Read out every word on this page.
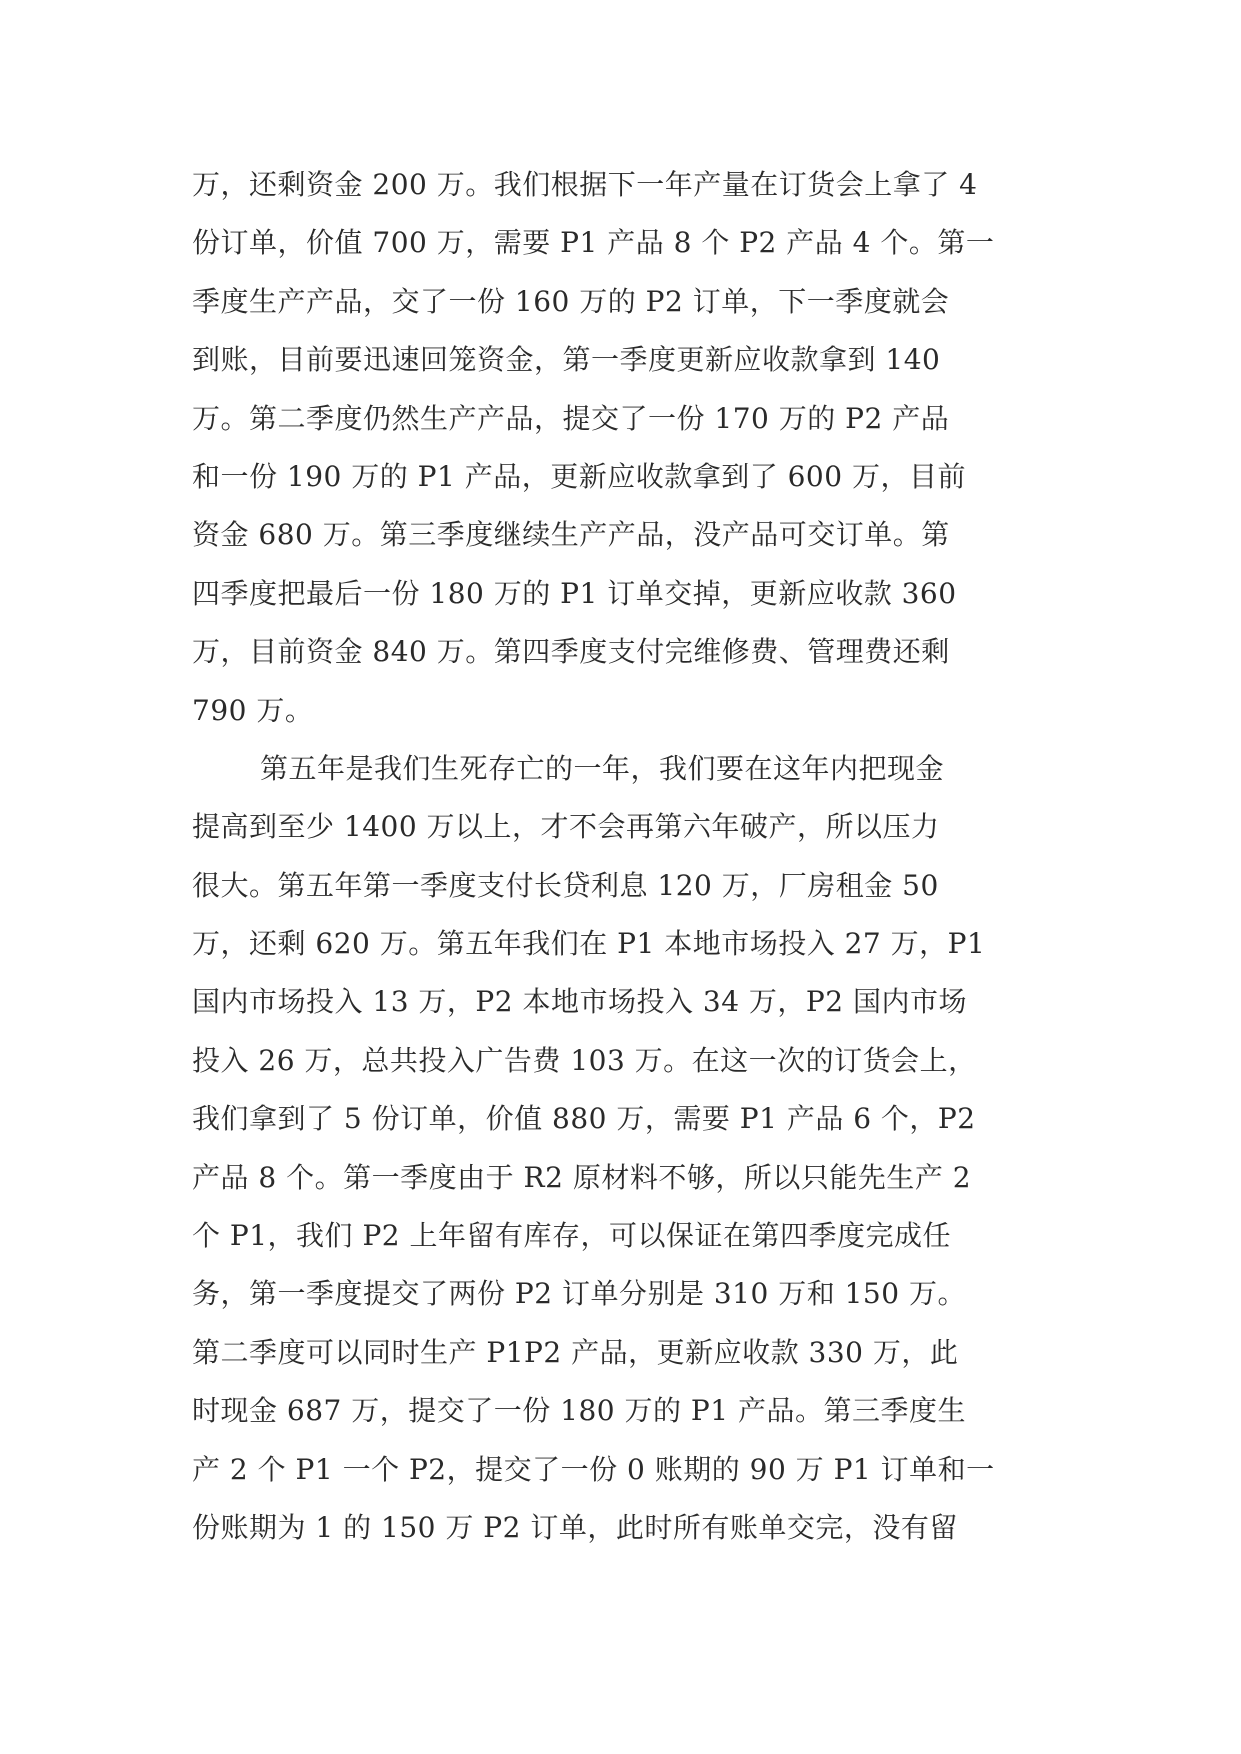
万，还剩资金 200 万。我们根据下一年产量在订货会上拿了 4
份订单，价值 700 万，需要 P1 产品 8 个 P2 产品 4 个。第一
季度生产产品，交了一份 160 万的 P2 订单，下一季度就会
到账，目前要迅速回笼资金，第一季度更新应收款拿到 140
万。第二季度仍然生产产品，提交了一份 170 万的 P2 产品
和一份 190 万的 P1 产品，更新应收款拿到了 600 万，目前
资金 680 万。第三季度继续生产产品，没产品可交订单。第
四季度把最后一份 180 万的 P1 订单交掉，更新应收款 360
万，目前资金 840 万。第四季度支付完维修费、管理费还剩
790 万。
第五年是我们生死存亡的一年，我们要在这年内把现金
提高到至少 1400 万以上，才不会再第六年破产，所以压力
很大。第五年第一季度支付长贷利息 120 万，厂房租金 50
万，还剩 620 万。第五年我们在 P1 本地市场投入 27 万，P1
国内市场投入 13 万，P2 本地市场投入 34 万，P2 国内市场
投入 26 万，总共投入广告费 103 万。在这一次的订货会上，
我们拿到了 5 份订单，价值 880 万，需要 P1 产品 6 个，P2
产品 8 个。第一季度由于 R2 原材料不够，所以只能先生产 2
个 P1，我们 P2 上年留有库存，可以保证在第四季度完成任
务，第一季度提交了两份 P2 订单分别是 310 万和 150 万。
第二季度可以同时生产 P1P2 产品，更新应收款 330 万，此
时现金 687 万，提交了一份 180 万的 P1 产品。第三季度生
产 2 个 P1 一个 P2，提交了一份 0 账期的 90 万 P1 订单和一
份账期为 1 的 150 万 P2 订单，此时所有账单交完，没有留
